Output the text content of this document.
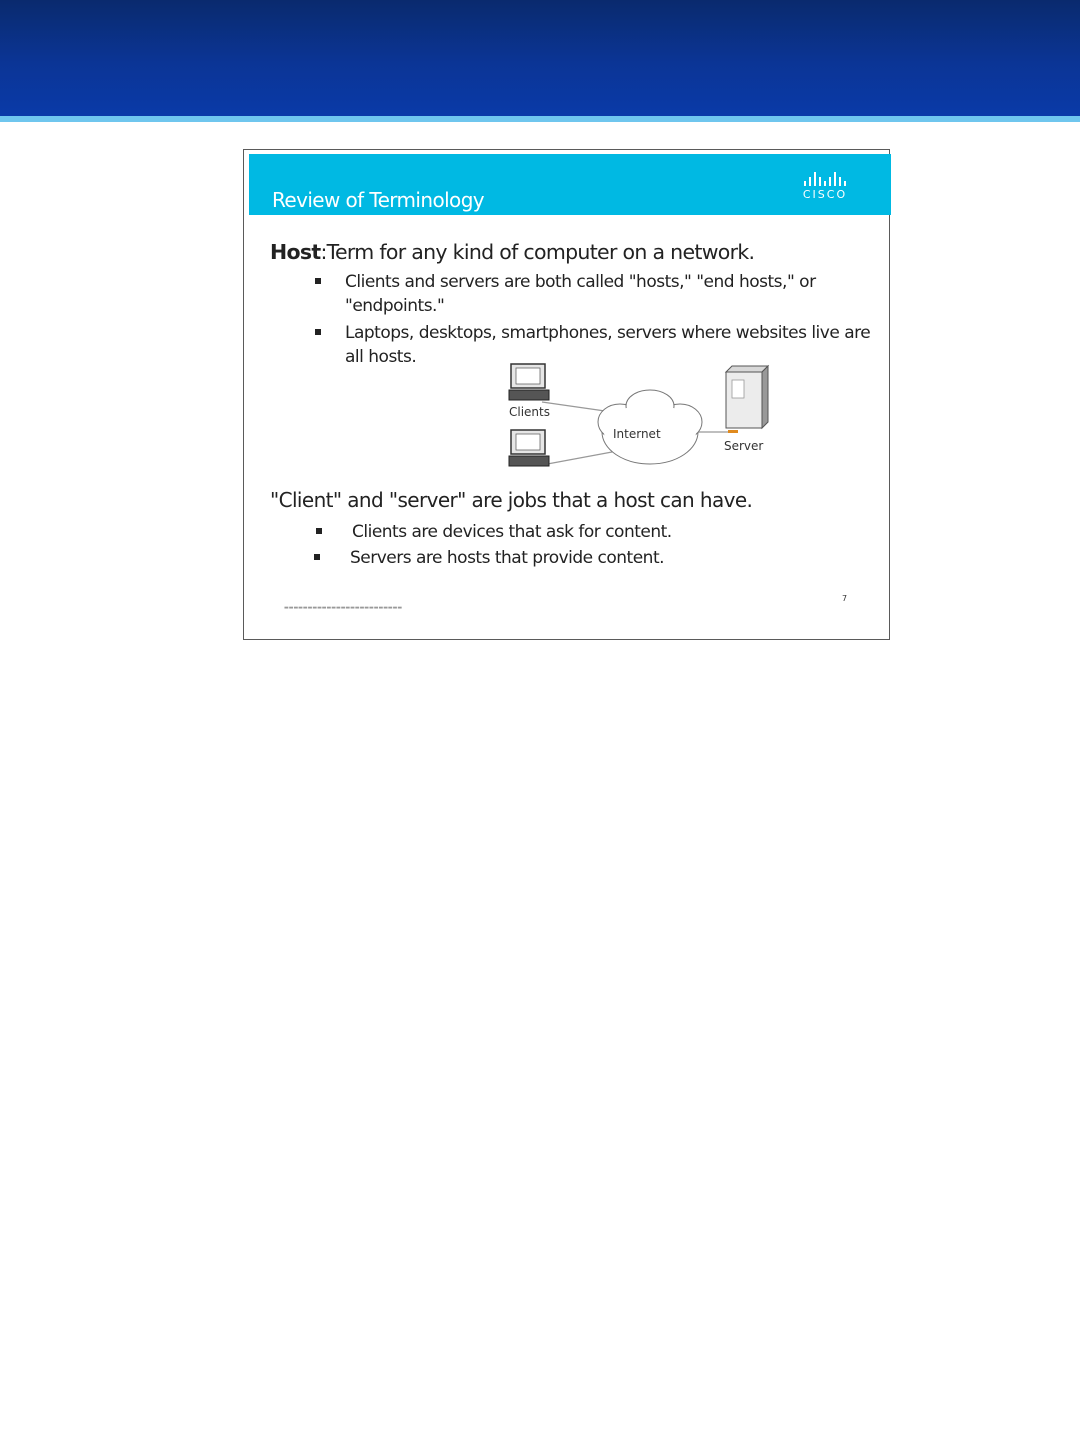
Review of Terminology	CISCO
Host:Term for any kind of computer on a network.
Clients and servers are both called "hosts," "end hosts," or "endpoints."
Laptops, desktops, smartphones, servers where websites live are all hosts.
Clients
Internet
Server
"Client" and "server" are jobs that a host can have.
Clients are devices that ask for content.
Servers are hosts that provide content.
▬▬▬▬▬▬▬▬▬▬▬▬▬▬▬▬▬▬▬▬▬▬▬▬▬
7
